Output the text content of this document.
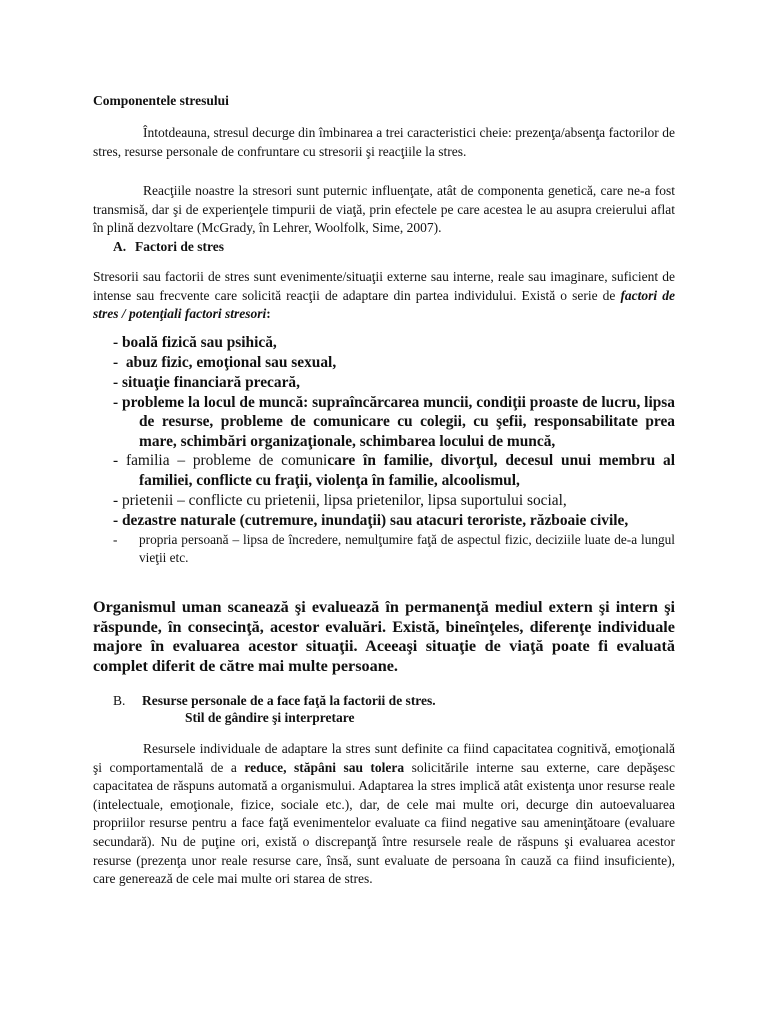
Componentele stresului

Întotdeauna, stresul decurge din îmbinarea a trei caracteristici cheie: prezenţa/absenţa factorilor de stres, resurse personale de confruntare cu stresorii şi reacţiile la stres.

Reacţiile noastre la stresori sunt puternic influenţate, atât de componenta genetică, care ne-a fost transmisă, dar şi de experienţele timpurii de viaţă, prin efectele pe care acestea le au asupra creierului aflat în plină dezvoltare (McGrady, în Lehrer, Woolfolk, Sime, 2007).

A. Factori de stres

Stresorii sau factorii de stres sunt evenimente/situaţii externe sau interne, reale sau imaginare, suficient de intense sau frecvente care solicită reacţii de adaptare din partea individului. Există o serie de factori de stres / potenţiali factori stresori:

- boală fizică sau psihică,
-  abuz fizic, emoţional sau sexual,
- situaţie financiară precară,
- probleme la locul de muncă: supraîncărcarea muncii, condiţii proaste de lucru, lipsa de resurse, probleme de comunicare cu colegii, cu şefii, responsabilitate prea mare, schimbări organizaţionale, schimbarea locului de muncă,
- familia – probleme de comunicare în familie, divorţul, decesul unui membru al familiei, conflicte cu fraţii, violenţa în familie, alcoolismul,
- prietenii – conflicte cu prietenii, lipsa prietenilor, lipsa suportului social,
- dezastre naturale (cutremure, inundaţii) sau atacuri teroriste, războaie civile,
- propria persoană – lipsa de încredere, nemulţumire faţă de aspectul fizic, deciziile luate de-a lungul vieţii etc.

Organismul uman scanează şi evaluează în permanenţă mediul extern şi intern şi răspunde, în consecinţă, acestor evaluări. Există, bineînţeles, diferenţe individuale majore în evaluarea acestor situaţii. Aceeaşi situaţie de viaţă poate fi evaluată complet diferit de către mai multe persoane.

B. Resurse personale de a face faţă la factorii de stres.

Stil de gândire şi interpretare

Resursele individuale de adaptare la stres sunt definite ca fiind capacitatea cognitivă, emoţională şi comportamentală de a reduce, stăpâni sau tolera solicitările interne sau externe, care depăşesc capacitatea de răspuns automată a organismului. Adaptarea la stres implică atât existenţa unor resurse reale (intelectuale, emoţionale, fizice, sociale etc.), dar, de cele mai multe ori, decurge din autoevaluarea propriilor resurse pentru a face faţă evenimentelor evaluate ca fiind negative sau ameninţătoare (evaluare secundară). Nu de puţine ori, există o discrepanţă între resursele reale de răspuns şi evaluarea acestor resurse (prezenţa unor reale resurse care, însă, sunt evaluate de persoana în cauză ca fiind insuficiente), care generează de cele mai multe ori starea de stres.
